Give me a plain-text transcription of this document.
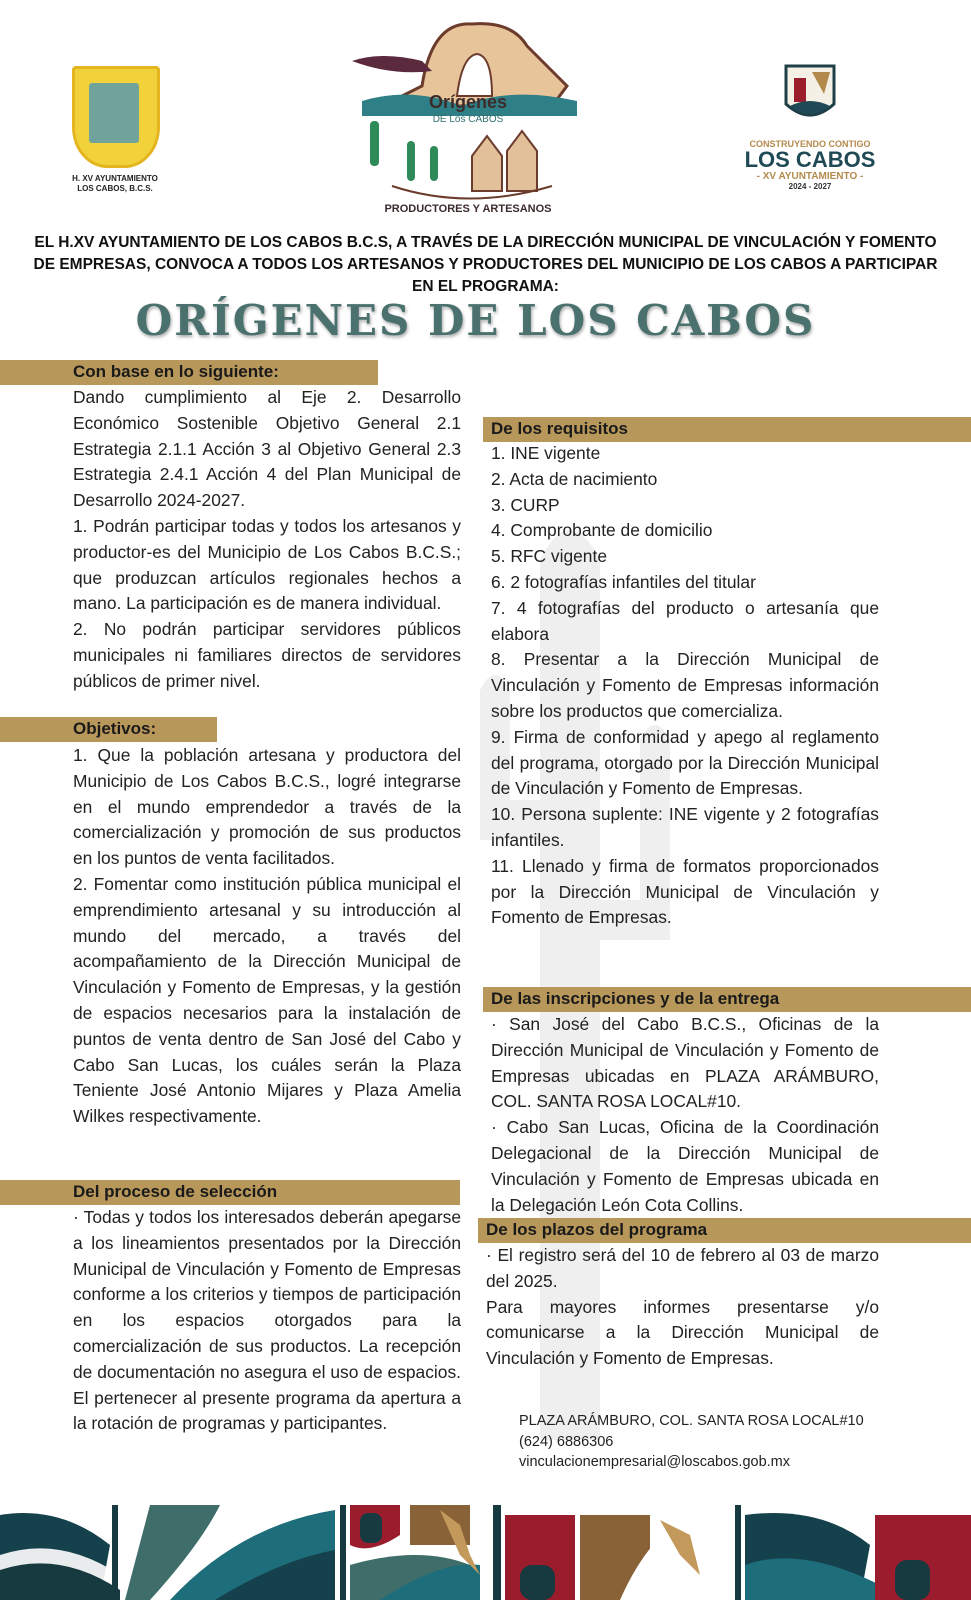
H. XV AYUNTAMIENTO
LOS CABOS, B.C.S.
Orígenes
DE Los CABOS
PRODUCTORES Y ARTESANOS
CONSTRUYENDO CONTIGO
LOS CABOS
- XV AYUNTAMIENTO -
2024 - 2027
EL H.XV AYUNTAMIENTO DE LOS CABOS B.C.S, A TRAVÉS DE LA DIRECCIÓN MUNICIPAL DE VINCULACIÓN Y FOMENTO DE EMPRESAS, CONVOCA A TODOS LOS ARTESANOS Y PRODUCTORES DEL MUNICIPIO DE LOS CABOS A PARTICIPAR EN EL PROGRAMA:
ORÍGENES DE LOS CABOS
Con base en lo siguiente:

Dando cumplimiento al Eje 2. Desarrollo Económico Sostenible Objetivo General 2.1 Estrategia 2.1.1 Acción 3 al Objetivo General 2.3 Estrategia 2.4.1 Acción 4 del Plan Municipal de Desarrollo 2024-2027.

1. Podrán participar todas y todos los artesanos y productor-es del Municipio de Los Cabos B.C.S.; que produzcan artículos regionales hechos a mano. La participación es de manera individual.

2. No podrán participar servidores públicos municipales ni familiares directos de servidores públicos de primer nivel.

Objetivos:

1. Que la población artesana y productora del Municipio de Los Cabos B.C.S., logré integrarse en el mundo emprendedor a través de la comercialización y promoción de sus productos en los puntos de venta facilitados.

2. Fomentar como institución pública municipal el emprendimiento artesanal y su introducción al mundo del mercado, a través del acompañamiento de la Dirección Municipal de Vinculación y Fomento de Empresas, y la gestión de espacios necesarios para la instalación de puntos de venta dentro de San José del Cabo y Cabo San Lucas, los cuáles serán la Plaza Teniente José Antonio Mijares y Plaza Amelia Wilkes respectivamente.

Del proceso de selección

· Todas y todos los interesados deberán apegarse a los lineamientos presentados por la Dirección Municipal de Vinculación y Fomento de Empresas conforme a los criterios y tiempos de participación en los espacios otorgados para la comercialización de sus productos. La recepción de documentación no asegura el uso de espacios. El pertenecer al presente programa da apertura a la rotación de programas y participantes.

De los requisitos

1. INE vigente

2. Acta de nacimiento

3. CURP

4. Comprobante de domicilio

5. RFC vigente

6. 2 fotografías infantiles del titular

7. 4 fotografías del producto o artesanía que elabora

8. Presentar a la Dirección Municipal de Vinculación y Fomento de Empresas información sobre los productos que comercializa.

9. Firma de conformidad y apego al reglamento del programa, otorgado por la Dirección Municipal de Vinculación y Fomento de Empresas.

10. Persona suplente: INE vigente y 2 fotografías infantiles.

11. Llenado y firma de formatos proporcionados por la Dirección Municipal de Vinculación y Fomento de Empresas.

De las inscripciones y de la entrega

· San José del Cabo B.C.S., Oficinas de la Dirección Municipal de Vinculación y Fomento de Empresas ubicadas en PLAZA ARÁMBURO, COL. SANTA ROSA LOCAL#10.

· Cabo San Lucas, Oficina de la Coordinación Delegacional de la Dirección Municipal de Vinculación y Fomento de Empresas ubicada en la Delegación León Cota Collins.

De los plazos del programa

· El registro será del 10 de febrero al 03 de marzo del 2025.

Para mayores informes presentarse y/o comunicarse a la Dirección Municipal de Vinculación y Fomento de Empresas.

PLAZA ARÁMBURO, COL. SANTA ROSA LOCAL#10
(624) 6886306
vinculacionempresarial@loscabos.gob.mx
